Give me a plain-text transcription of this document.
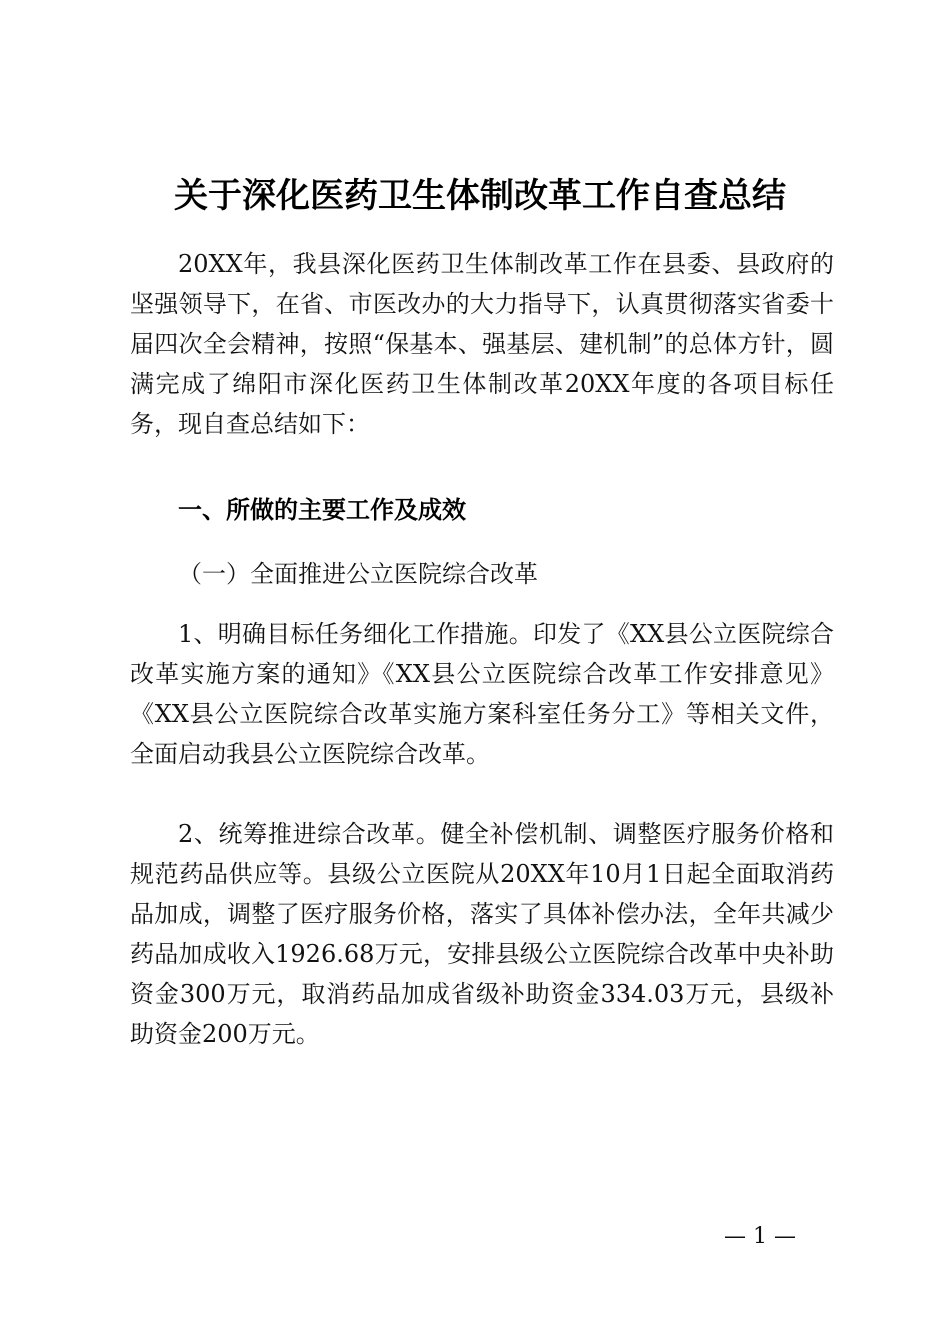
关于深化医药卫生体制改革工作自查总结
20XX年，我县深化医药卫生体制改革工作在县委、县政府的坚强领导下，在省、市医改办的大力指导下，认真贯彻落实省委十届四次全会精神，按照“保基本、强基层、建机制”的总体方针，圆满完成了绵阳市深化医药卫生体制改革20XX年度的各项目标任务，现自查总结如下：
一、所做的主要工作及成效
（一）全面推进公立医院综合改革
1、明确目标任务细化工作措施。印发了《XX县公立医院综合改革实施方案的通知》《XX县公立医院综合改革工作安排意见》《XX县公立医院综合改革实施方案科室任务分工》等相关文件，全面启动我县公立医院综合改革。
2、统筹推进综合改革。健全补偿机制、调整医疗服务价格和规范药品供应等。县级公立医院从20XX年10月1日起全面取消药品加成，调整了医疗服务价格，落实了具体补偿办法，全年共减少药品加成收入1926.68万元，安排县级公立医院综合改革中央补助资金300万元，取消药品加成省级补助资金334.03万元，县级补助资金200万元。
— 1 —
